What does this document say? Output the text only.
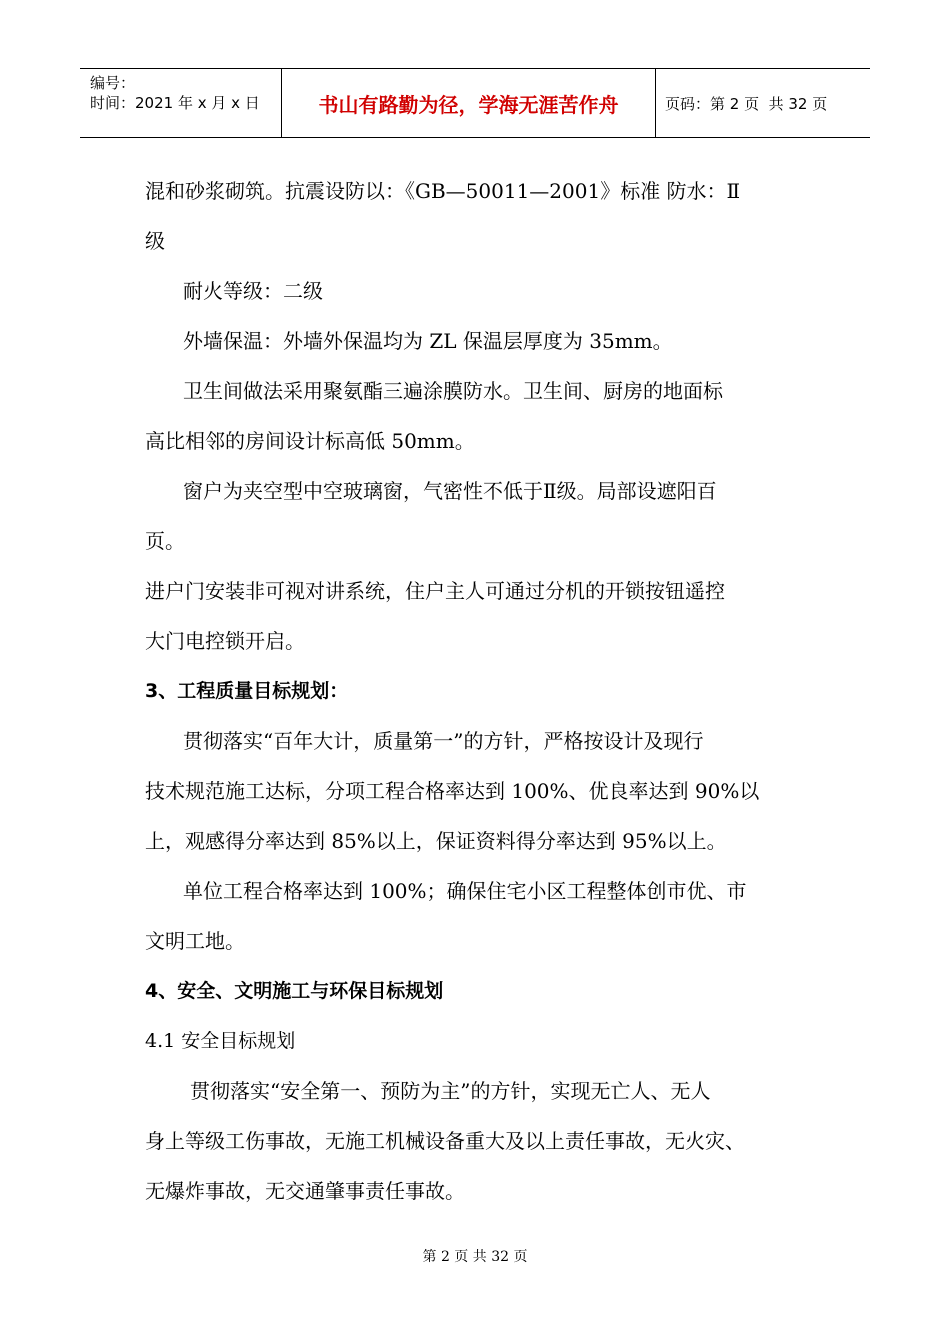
编号：
时间：2021 年 x 月 x 日	书山有路勤为径，学海无涯苦作舟	页码：第 2 页  共 32 页
混和砂浆砌筑。抗震设防以：《GB—50011—2001》标准 防水：Ⅱ
级
耐火等级：二级
外墙保温：外墙外保温均为 ZL 保温层厚度为 35mm。
卫生间做法采用聚氨酯三遍涂膜防水。卫生间、厨房的地面标
高比相邻的房间设计标高低 50mm。
窗户为夹空型中空玻璃窗，气密性不低于Ⅱ级。局部设遮阳百
页。
进户门安装非可视对讲系统，住户主人可通过分机的开锁按钮遥控
大门电控锁开启。
3、工程质量目标规划：
贯彻落实“百年大计，质量第一”的方针，严格按设计及现行
技术规范施工达标，分项工程合格率达到 100%、优良率达到 90%以
上，观感得分率达到 85%以上，保证资料得分率达到 95%以上。
单位工程合格率达到 100%；确保住宅小区工程整体创市优、市
文明工地。
4、安全、文明施工与环保目标规划
4.1 安全目标规划
贯彻落实“安全第一、预防为主”的方针，实现无亡人、无人
身上等级工伤事故，无施工机械设备重大及以上责任事故，无火灾、
无爆炸事故，无交通肇事责任事故。
第 2 页 共 32 页
